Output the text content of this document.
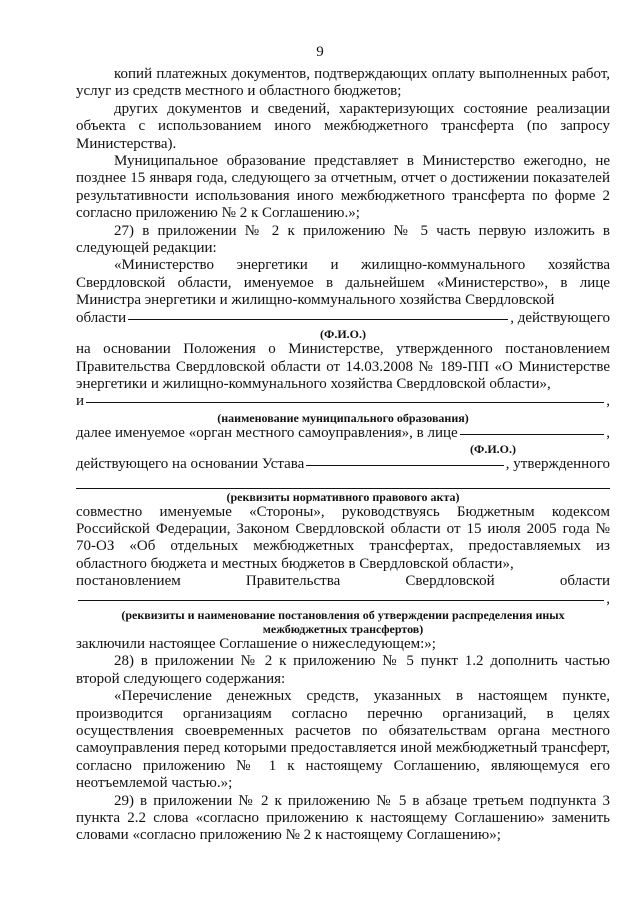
9

копий платежных документов, подтверждающих оплату выполненных работ, услуг из средств местного и областного бюджетов;

других документов и сведений, характеризующих состояние реализации объекта с использованием иного межбюджетного трансферта (по запросу Министерства).

Муниципальное образование представляет в Министерство ежегодно, не позднее 15 января года, следующего за отчетным, отчет о достижении показателей результативности использования иного межбюджетного трансферта по форме 2 согласно приложению № 2 к Соглашению.»;

27) в приложении № 2 к приложению № 5 часть первую изложить в следующей редакции:

«Министерство энергетики и жилищно-коммунального хозяйства Свердловской области, именуемое в дальнейшем «Министерство», в лице Министра энергетики и жилищно-коммунального хозяйства Свердловской

области	, действующего
(Ф.И.О.)

на основании Положения о Министерстве, утвержденного постановлением Правительства Свердловской области от 14.03.2008 № 189-ПП «О Министерстве энергетики и жилищно-коммунального хозяйства Свердловской области»,

и	,
(наименование муниципального образования)
далее именуемое «орган местного самоуправления», в лице	,
(Ф.И.О.)
действующего на основании Устава	, утвержденного
(реквизиты нормативного правового акта)

совместно именуемые «Стороны», руководствуясь Бюджетным кодексом Российской Федерации, Законом Свердловской области от 15 июля 2005 года № 70-ОЗ «Об отдельных межбюджетных трансфертах, предоставляемых из областного бюджета и местных бюджетов в Свердловской области»,

постановлением	Правительства	Свердловской	области
,
(реквизиты и наименование постановления об утверждении распределения иных
межбюджетных трансфертов)

заключили настоящее Соглашение о нижеследующем:»;

28) в приложении № 2 к приложению № 5 пункт 1.2 дополнить частью второй следующего содержания:

«Перечисление денежных средств, указанных в настоящем пункте, производится организациям согласно перечню организаций, в целях осуществления своевременных расчетов по обязательствам органа местного самоуправления перед которыми предоставляется иной межбюджетный трансферт, согласно приложению № 1 к настоящему Соглашению, являющемуся его неотъемлемой частью.»;

29) в приложении № 2 к приложению № 5 в абзаце третьем подпункта 3 пункта 2.2 слова «согласно приложению к настоящему Соглашению» заменить словами «согласно приложению № 2 к настоящему Соглашению»;
